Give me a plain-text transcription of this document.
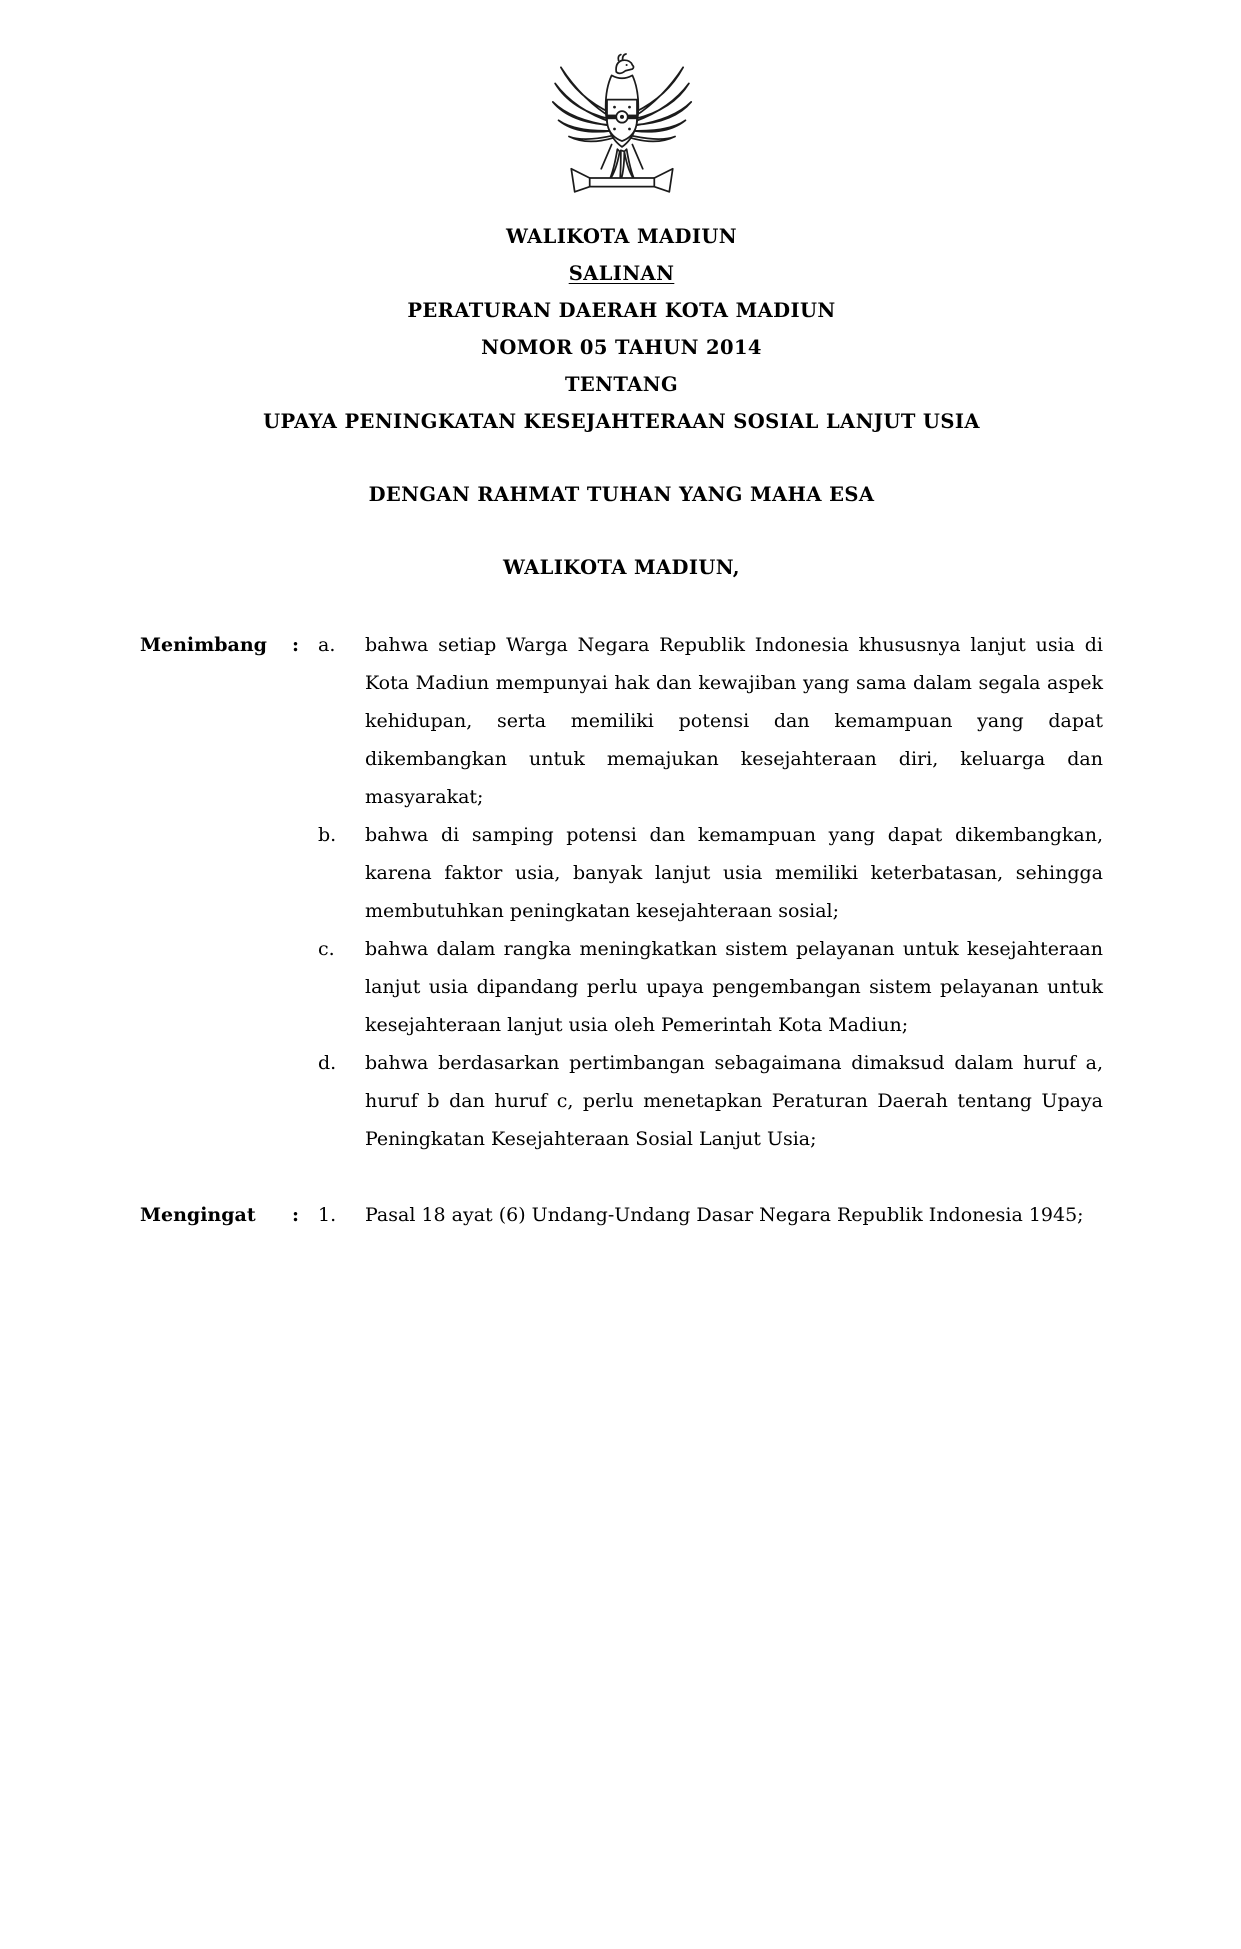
WALIKOTA MADIUN
SALINAN
PERATURAN DAERAH KOTA MADIUN
NOMOR 05 TAHUN 2014
TENTANG
UPAYA PENINGKATAN KESEJAHTERAAN SOSIAL LANJUT USIA
DENGAN RAHMAT TUHAN YANG MAHA ESA
WALIKOTA MADIUN,
Menimbang	: a.	bahwa setiap Warga Negara Republik Indonesia khususnya lanjut usia di Kota Madiun mempunyai hak dan kewajiban yang sama dalam segala aspek kehidupan, serta memiliki potensi dan kemampuan yang dapat dikembangkan untuk memajukan kesejahteraan diri, keluarga dan masyarakat;
b.	bahwa di samping potensi dan kemampuan yang dapat dikembangkan, karena faktor usia, banyak lanjut usia memiliki keterbatasan, sehingga membutuhkan peningkatan kesejahteraan sosial;
c.	bahwa dalam rangka meningkatkan sistem pelayanan untuk kesejahteraan lanjut usia dipandang perlu upaya pengembangan sistem pelayanan untuk kesejahteraan lanjut usia oleh Pemerintah Kota Madiun;
d.	bahwa berdasarkan pertimbangan sebagaimana dimaksud dalam huruf a, huruf b dan huruf c, perlu menetapkan Peraturan Daerah tentang Upaya Peningkatan Kesejahteraan Sosial Lanjut Usia;
Mengingat	: 1.	Pasal 18 ayat (6) Undang-Undang Dasar Negara Republik Indonesia 1945;
